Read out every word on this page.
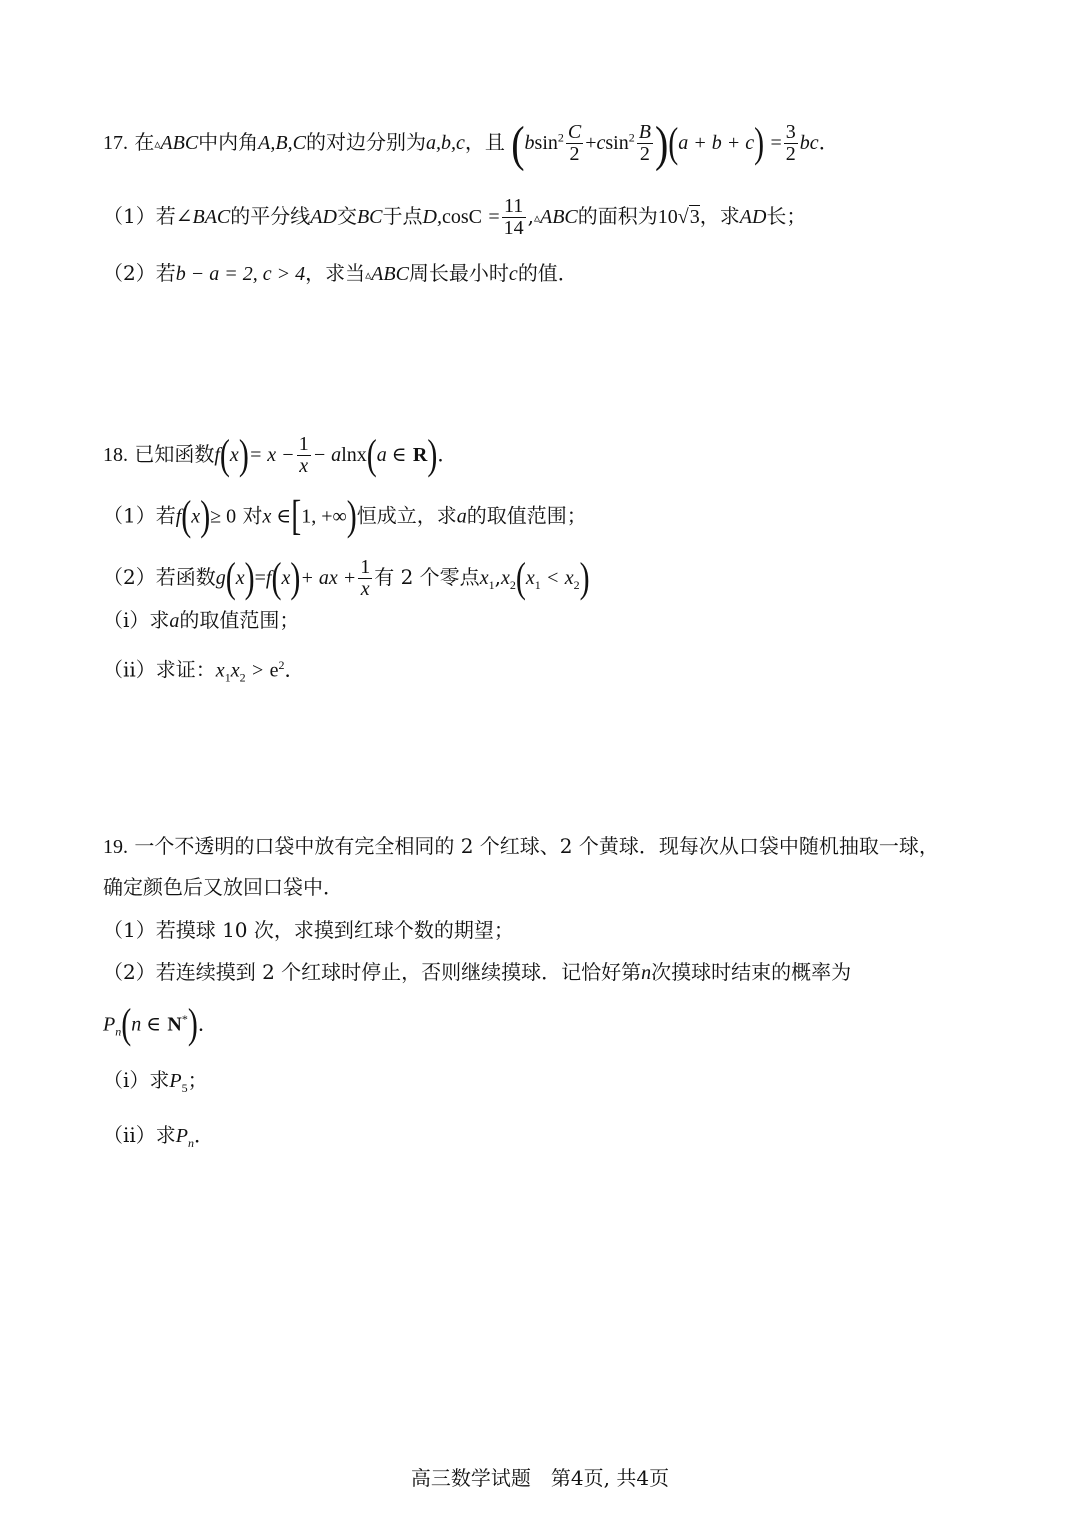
17. 在▵ABC中内角A,B,C的对边分别为a,b,c，且 $(bsin^2 \frac{C}{2} +csin^2 \frac{B}{2} )(a + b + c) = \frac{3}{2}$ bc．
（1）若∠BAC的平分线AD交BC于点$D,\cos C = \frac{11}{14}$ ,▵ABC的面积为10√3，求AD长；
（2）若b − a = 2, c > 4，求当▵ABC周长最小时c的值．
18. 已知函数$f(x)= x - \frac{1}{x} - alnx(a$ ∈ R)．
（1）若f(x)≥ 0 对x ∈[1, +∞)恒成立，求a的取值范围；
（2）若函数g(x)=f(x)+ ax + $\frac{1}{x}$ 有 2 个零点$x_1,x_2(x_1 < x_2)$
（i）求a的取值范围；
（ii）求证：$x_1x_2 > e^2$．
19. 一个不透明的口袋中放有完全相同的 2 个红球、2 个黄球．现每次从口袋中随机抽取一球，
确定颜色后又放回口袋中．
（1）若摸球 10 次，求摸到红球个数的期望；
（2）若连续摸到 2 个红球时停止，否则继续摸球．记恰好第n次摸球时结束的概率为
$P_n(n$ ∈ N*)．
（i）求$P_5$；
（ii）求$P_n$．
高三数学试题　第4页, 共4页
